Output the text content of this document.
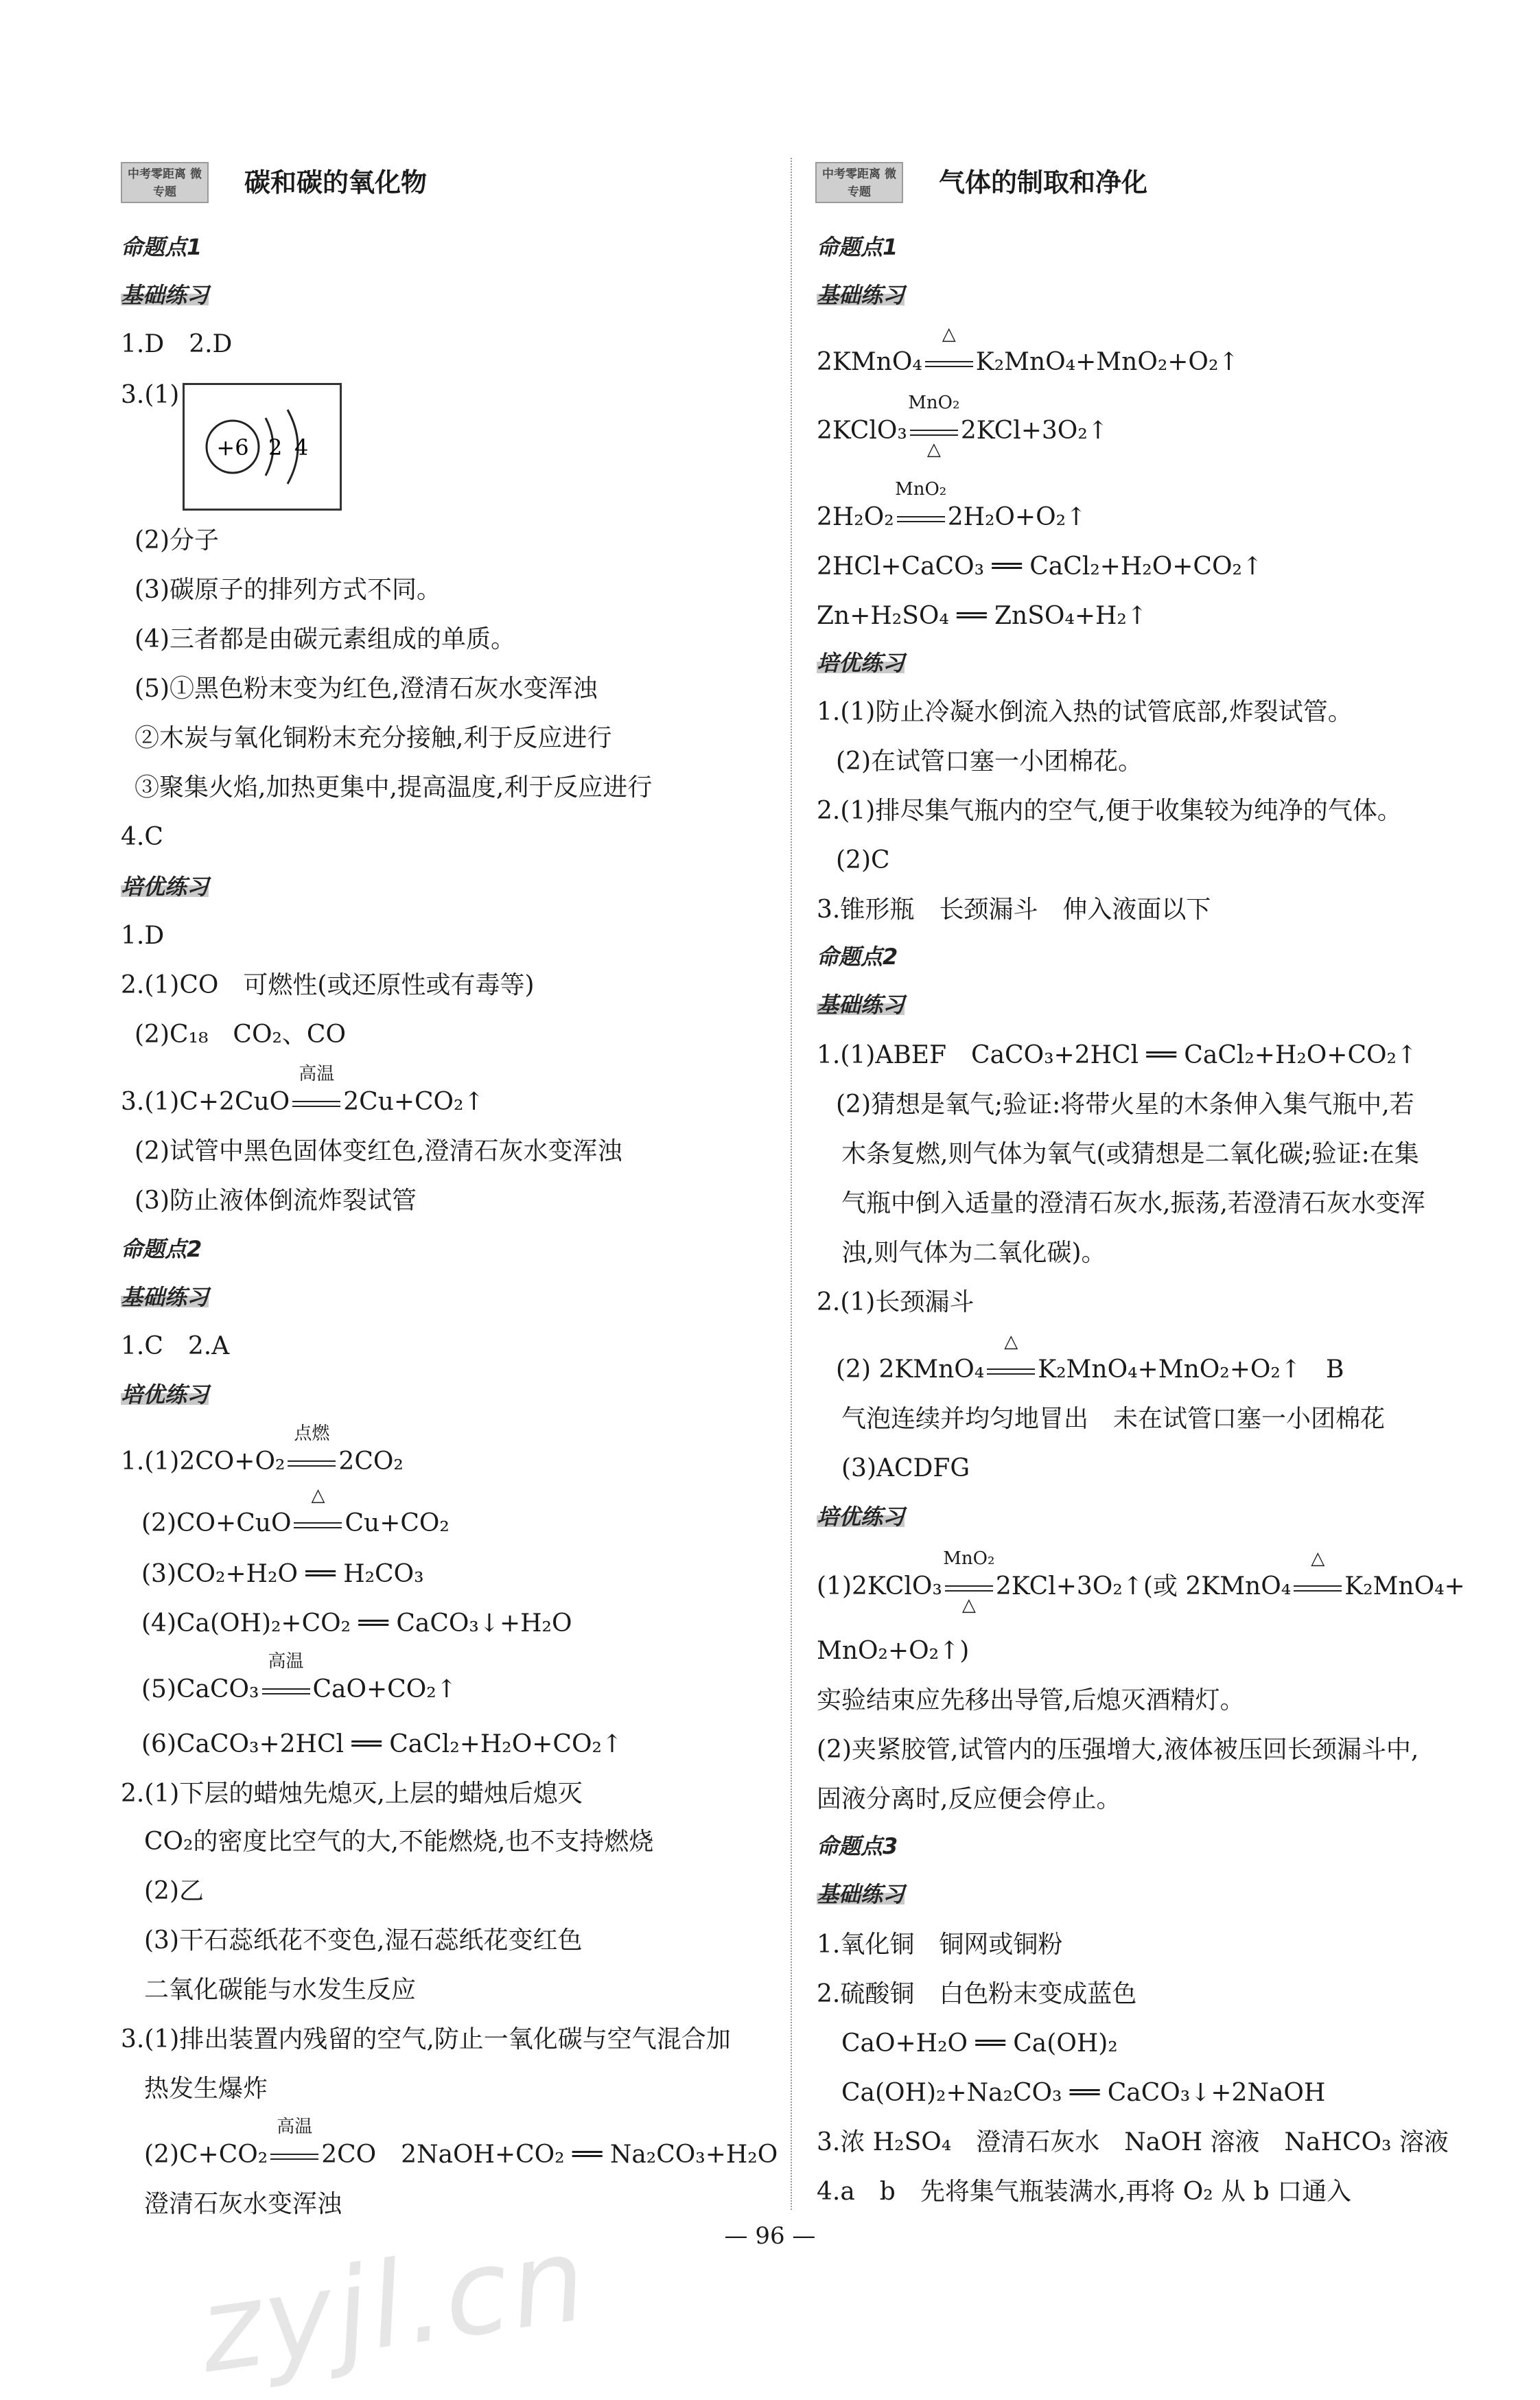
zyjl.cn
中考零距离 微专题	碳和碳的氧化物
命题点1
基础练习
1.D　2.D
3.(1)
+6 2 4
(2)分子
(3)碳原子的排列方式不同。
(4)三者都是由碳元素组成的单质。
(5)①黑色粉末变为红色,澄清石灰水变浑浊
②木炭与氧化铜粉末充分接触,利于反应进行
③聚集火焰,加热更集中,提高温度,利于反应进行
4.C
培优练习
1.D
2.(1)CO　可燃性(或还原性或有毒等)
(2)C₁₈　CO₂、CO
3.(1)C+2CuO
高温
2Cu+CO₂↑
(2)试管中黑色固体变红色,澄清石灰水变浑浊
(3)防止液体倒流炸裂试管
命题点2
基础练习
1.C　2.A
培优练习
1.(1)2CO+O₂
点燃
2CO₂
(2)CO+CuO
△
Cu+CO₂
(3)CO₂+H₂O ══ H₂CO₃
(4)Ca(OH)₂+CO₂ ══ CaCO₃↓+H₂O
(5)CaCO₃
高温
CaO+CO₂↑
(6)CaCO₃+2HCl ══ CaCl₂+H₂O+CO₂↑
2.(1)下层的蜡烛先熄灭,上层的蜡烛后熄灭
CO₂的密度比空气的大,不能燃烧,也不支持燃烧
(2)乙
(3)干石蕊纸花不变色,湿石蕊纸花变红色
二氧化碳能与水发生反应
3.(1)排出装置内残留的空气,防止一氧化碳与空气混合加
热发生爆炸
(2)C+CO₂
高温
2CO　2NaOH+CO₂ ══ Na₂CO₃+H₂O
澄清石灰水变浑浊
中考零距离 微专题	气体的制取和净化
命题点1
基础练习
2KMnO₄
△
K₂MnO₄+MnO₂+O₂↑
2KClO₃
MnO₂
△
2KCl+3O₂↑
2H₂O₂
MnO₂
2H₂O+O₂↑
2HCl+CaCO₃ ══ CaCl₂+H₂O+CO₂↑
Zn+H₂SO₄ ══ ZnSO₄+H₂↑
培优练习
1.(1)防止冷凝水倒流入热的试管底部,炸裂试管。
(2)在试管口塞一小团棉花。
2.(1)排尽集气瓶内的空气,便于收集较为纯净的气体。
(2)C
3.锥形瓶　长颈漏斗　伸入液面以下
命题点2
基础练习
1.(1)ABEF　CaCO₃+2HCl ══ CaCl₂+H₂O+CO₂↑
(2)猜想是氧气;验证:将带火星的木条伸入集气瓶中,若
木条复燃,则气体为氧气(或猜想是二氧化碳;验证:在集
气瓶中倒入适量的澄清石灰水,振荡,若澄清石灰水变浑
浊,则气体为二氧化碳)。
2.(1)长颈漏斗
(2) 2KMnO₄
△
K₂MnO₄+MnO₂+O₂↑　B
气泡连续并均匀地冒出　未在试管口塞一小团棉花
(3)ACDFG
培优练习
(1)2KClO₃
MnO₂
△
2KCl+3O₂↑(或 2KMnO₄
△
K₂MnO₄+
MnO₂+O₂↑)
实验结束应先移出导管,后熄灭酒精灯。
(2)夹紧胶管,试管内的压强增大,液体被压回长颈漏斗中,
固液分离时,反应便会停止。
命题点3
基础练习
1.氧化铜　铜网或铜粉
2.硫酸铜　白色粉末变成蓝色
CaO+H₂O ══ Ca(OH)₂
Ca(OH)₂+Na₂CO₃ ══ CaCO₃↓+2NaOH
3.浓 H₂SO₄　澄清石灰水　NaOH 溶液　NaHCO₃ 溶液
4.a　b　先将集气瓶装满水,再将 O₂ 从 b 口通入
— 96 —
